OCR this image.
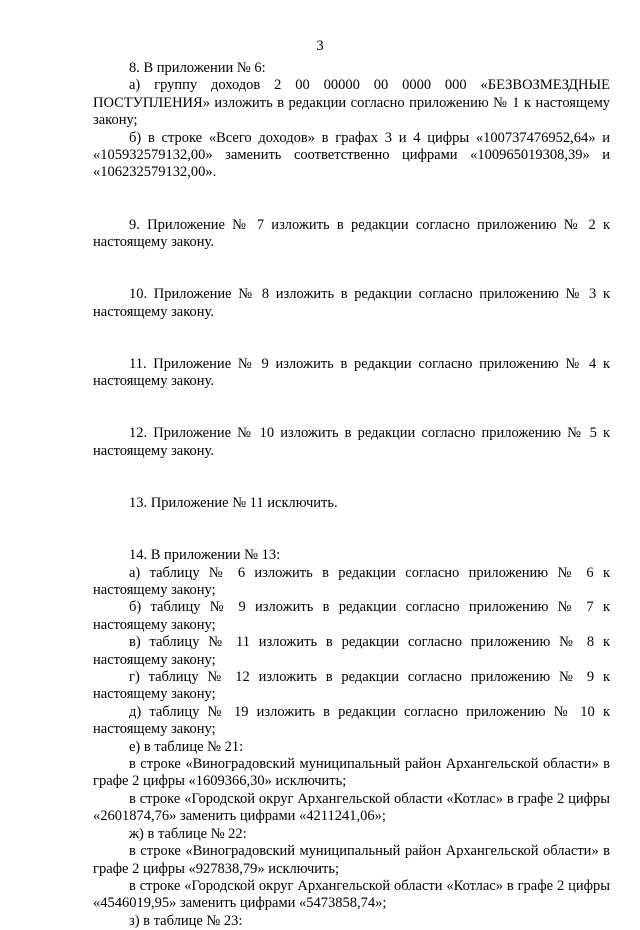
3

8. В приложении № 6:

а) группу доходов 2 00 00000 00 0000 000 «БЕЗВОЗМЕЗДНЫЕ ПОСТУПЛЕНИЯ» изложить в редакции согласно приложению № 1 к настоящему закону;

б) в строке «Всего доходов» в графах 3 и 4 цифры «100737476952,64» и «105932579132,00» заменить соответственно цифрами «100965019308,39» и «106232579132,00».

9. Приложение № 7 изложить в редакции согласно приложению № 2 к настоящему закону.

10. Приложение № 8 изложить в редакции согласно приложению № 3 к настоящему закону.

11. Приложение № 9 изложить в редакции согласно приложению № 4 к настоящему закону.

12. Приложение № 10 изложить в редакции согласно приложению № 5 к настоящему закону.

13. Приложение № 11 исключить.

14. В приложении № 13:

а) таблицу № 6 изложить в редакции согласно приложению № 6 к настоящему закону;

б) таблицу № 9 изложить в редакции согласно приложению № 7 к настоящему закону;

в) таблицу № 11 изложить в редакции согласно приложению № 8 к настоящему закону;

г) таблицу № 12 изложить в редакции согласно приложению № 9 к настоящему закону;

д) таблицу № 19 изложить в редакции согласно приложению № 10 к настоящему закону;

е) в таблице № 21:

в строке «Виноградовский муниципальный район Архангельской области» в графе 2 цифры «1609366,30» исключить;

в строке «Городской округ Архангельской области «Котлас» в графе 2 цифры «2601874,76» заменить цифрами «4211241,06»;

ж) в таблице № 22:

в строке «Виноградовский муниципальный район Архангельской области» в графе 2 цифры «927838,79» исключить;

в строке «Городской округ Архангельской области «Котлас» в графе 2 цифры «4546019,95» заменить цифрами «5473858,74»;

з) в таблице № 23:
